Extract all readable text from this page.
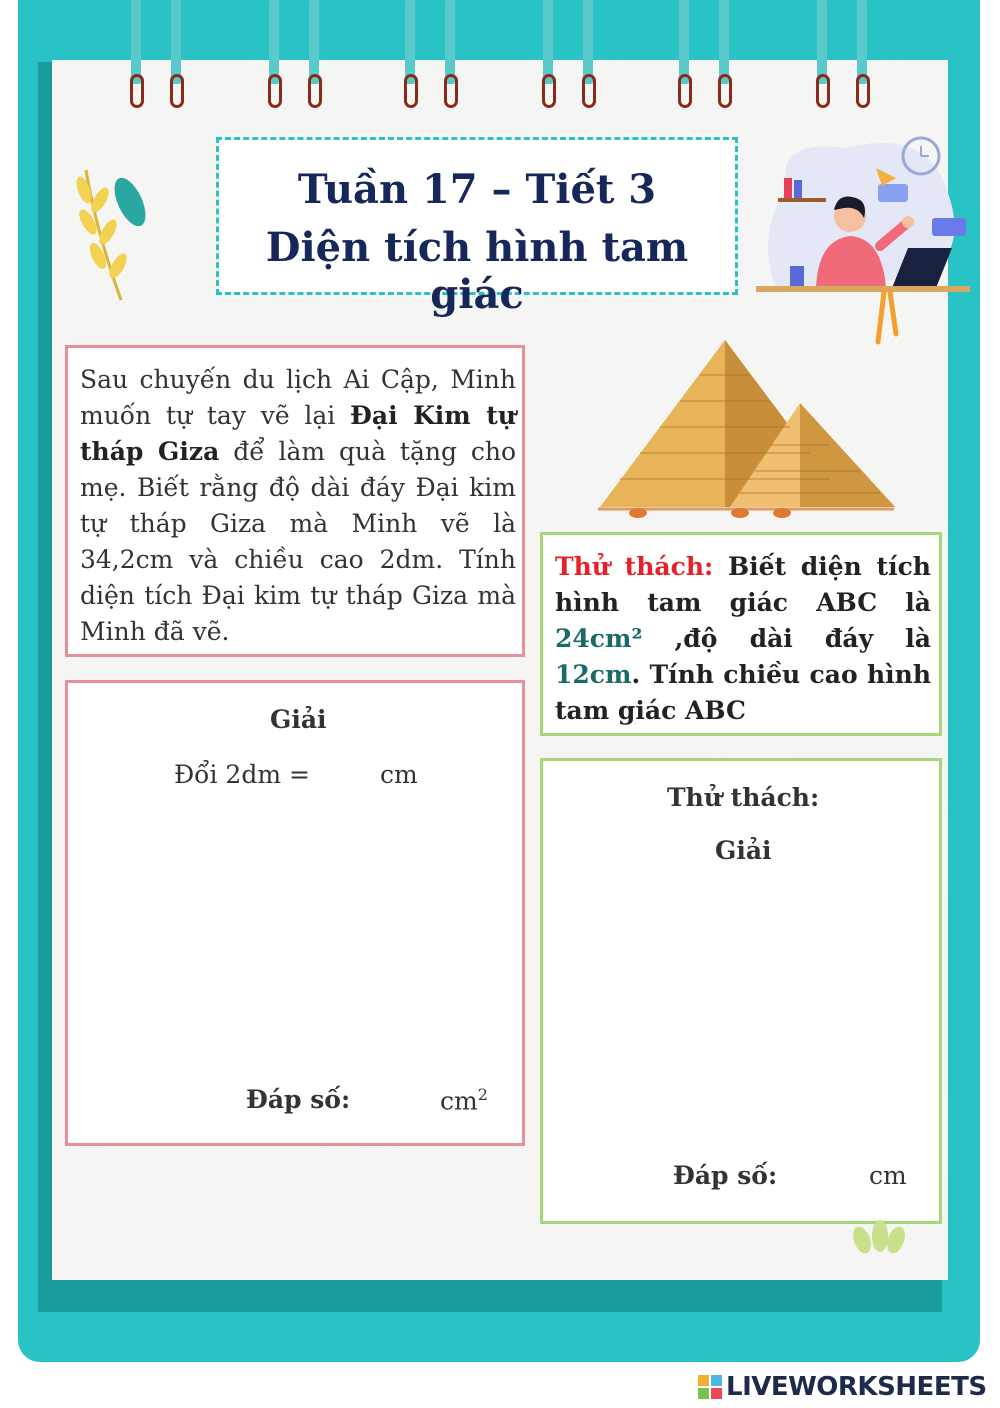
Tuần 17 – Tiết 3
Diện tích hình tam giác
Sau chuyến du lịch Ai Cập, Minh muốn tự tay vẽ lại Đại Kim tự tháp Giza để làm quà tặng cho mẹ. Biết rằng độ dài đáy Đại kim tự tháp Giza mà Minh vẽ là 34,2cm và chiều cao 2dm. Tính diện tích Đại kim tự tháp Giza mà Minh đã vẽ.
Thử thách: Biết diện tích hình tam giác ABC là 24cm² ,độ dài đáy là 12cm. Tính chiều cao hình tam giác ABC
Giải
Đổi 2dm =	cm
Đáp số:	$cm^2$
Thử thách:
Giải
Đáp số:	cm
LIVEWORKSHEETS
